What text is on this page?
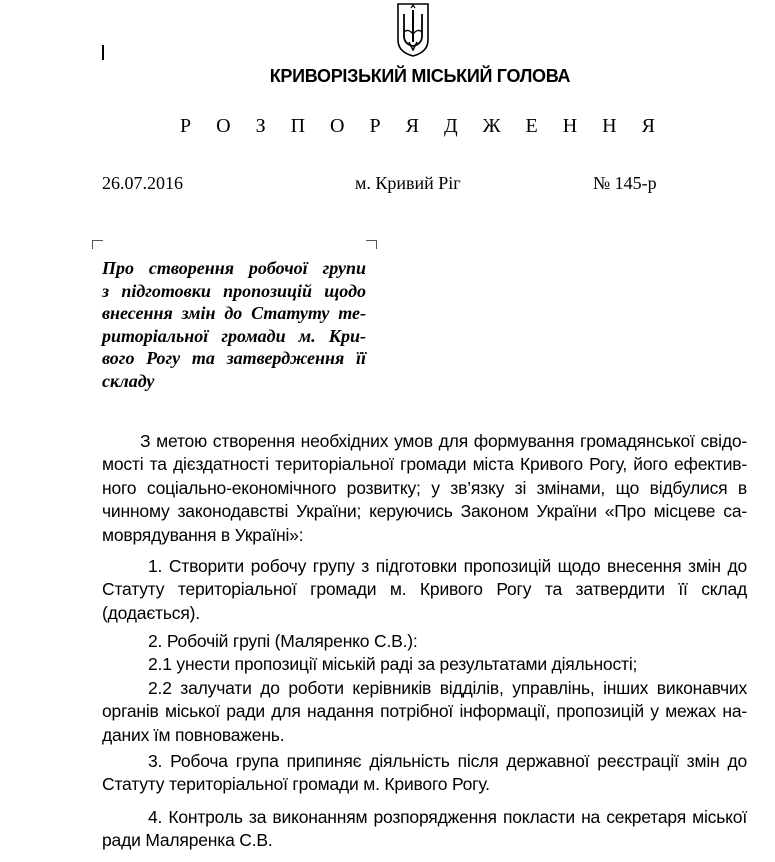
КРИВОРІЗЬКИЙ МІСЬКИЙ ГОЛОВА
Р О З П О Р Я Д Ж Е Н Н Я
26.07.2016	м. Кривий Ріг	№ 145-р
Про створення робочої групи
з підготовки пропозицій щодо
внесення змін до Статуту те-
риторіальної громади м. Кри-
вого Рогу та затвердження її
складу
З метою створення необхідних умов для формування громадянської свідо-
мості та дієздатності територіальної громади міста Кривого Рогу, його ефектив-
ного соціально-економічного розвитку; у зв’язку зі змінами, що відбулися в
чинному законодавстві України; керуючись Законом України «Про місцеве са-
моврядування в Україні»:
1. Створити робочу групу з підготовки пропозицій щодо внесення змін до
Статуту територіальної громади м. Кривого Рогу та затвердити її склад
(додається).
2. Робочій групі (Маляренко С.В.):
2.1 унести пропозиції міській раді за результатами діяльності;
2.2 залучати до роботи керівників відділів, управлінь, інших виконавчих
органів міської ради для надання потрібної інформації, пропозицій у межах на-
даних їм повноважень.
3. Робоча група припиняє діяльність після державної реєстрації змін до
Статуту територіальної громади м. Кривого Рогу.
4. Контроль за виконанням розпорядження покласти на секретаря міської
ради Маляренка С.В.
